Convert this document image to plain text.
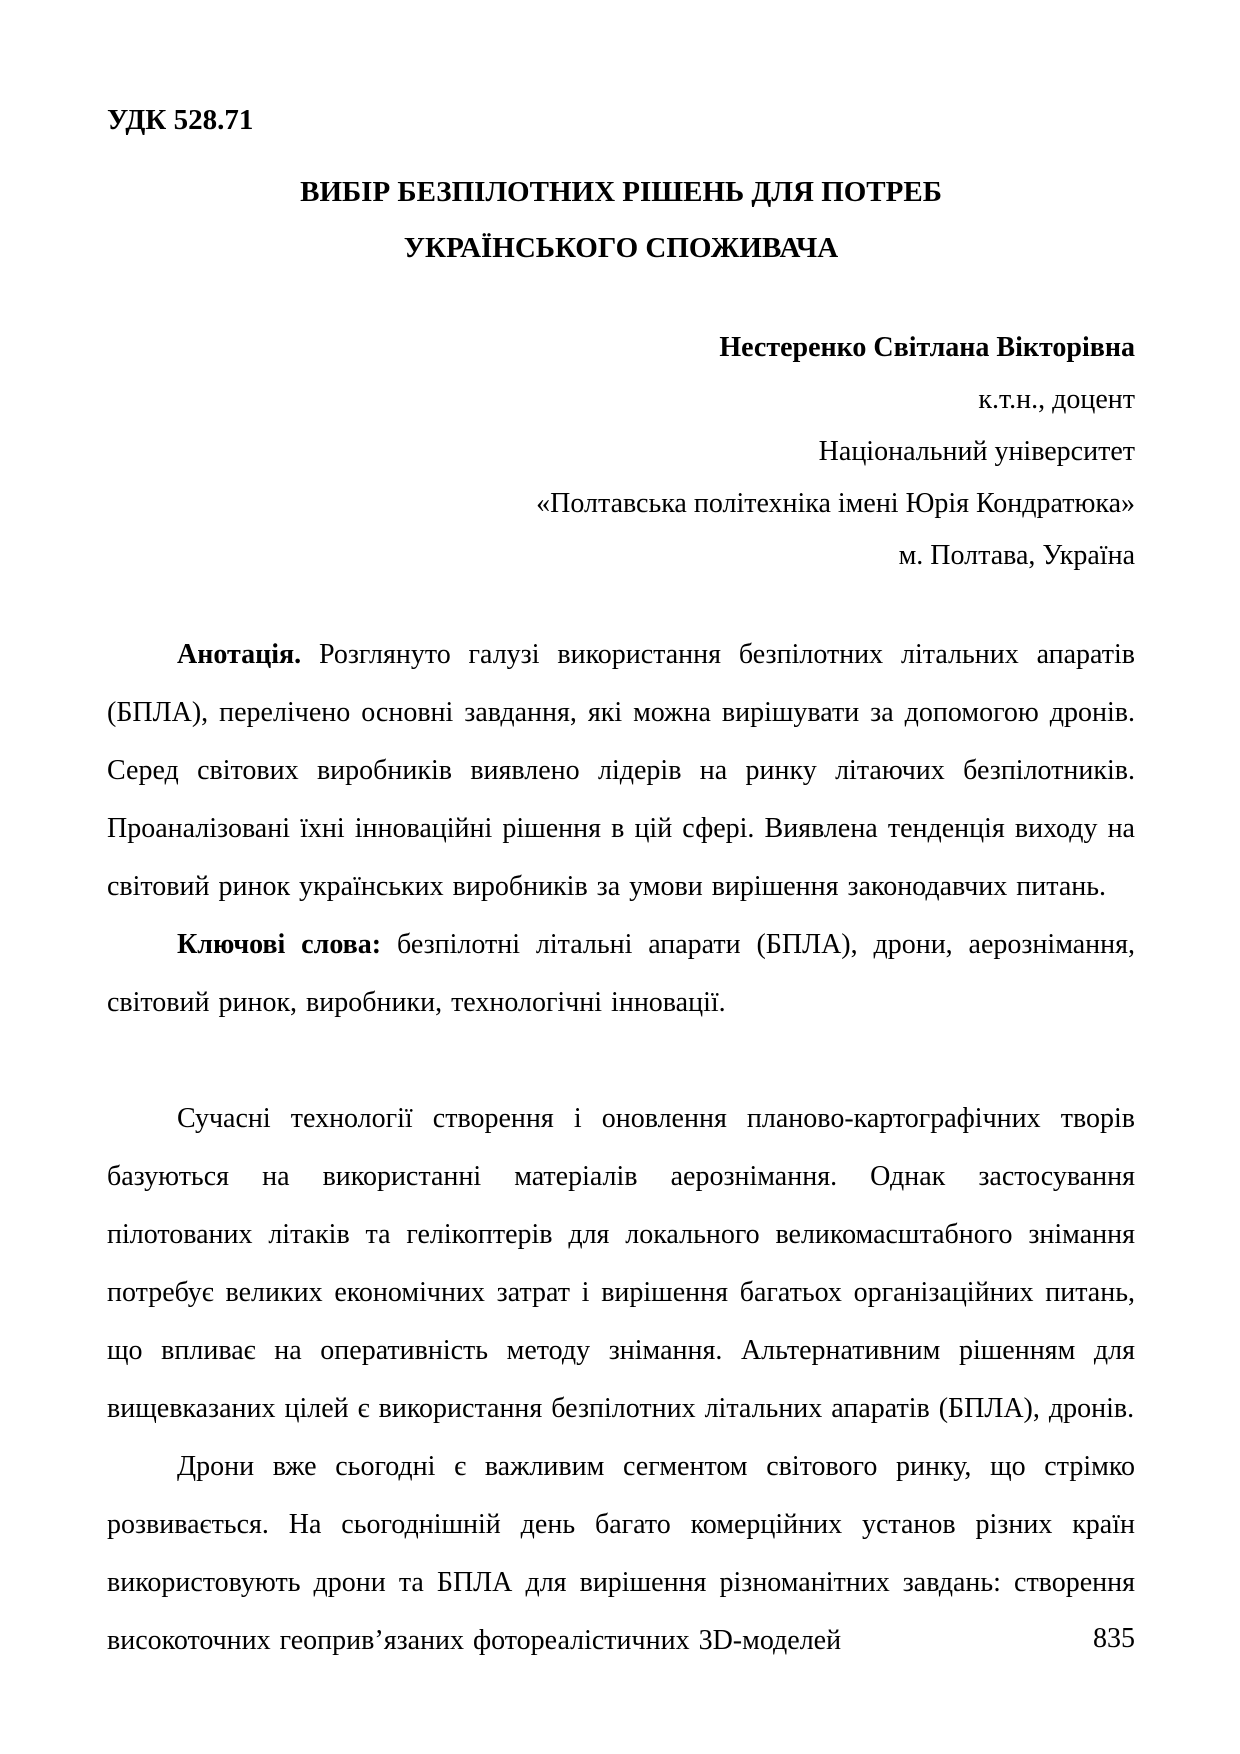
УДК 528.71
ВИБІР БЕЗПІЛОТНИХ РІШЕНЬ ДЛЯ ПОТРЕБ
УКРАЇНСЬКОГО СПОЖИВАЧА
Нестеренко Світлана Вікторівна
к.т.н., доцент
Національний університет
«Полтавська політехніка імені Юрія Кондратюка»
м. Полтава, Україна

Анотація. Розглянуто галузі використання безпілотних літальних апаратів (БПЛА), перелічено основні завдання, які можна вирішувати за допомогою дронів. Серед світових виробників виявлено лідерів на ринку літаючих безпілотників. Проаналізовані їхні інноваційні рішення в цій сфері. Виявлена тенденція виходу на світовий ринок українських виробників за умови вирішення законодавчих питань.

Ключові слова: безпілотні літальні апарати (БПЛА), дрони, аерознімання, світовий ринок, виробники, технологічні інновації.

Сучасні технології створення і оновлення планово-картографічних творів базуються на використанні матеріалів аерознімання. Однак застосування пілотованих літаків та гелікоптерів для локального великомасштабного знімання потребує великих економічних затрат і вирішення багатьох організаційних питань, що впливає на оперативність методу знімання. Альтернативним рішенням для вищевказаних цілей є використання безпілотних літальних апаратів (БПЛА), дронів.

Дрони вже сьогодні є важливим сегментом світового ринку, що стрімко розвивається. На сьогоднішній день багато комерційних установ різних країн використовують дрони та БПЛА для вирішення різноманітних завдань: створення високоточних геоприв’язаних фотореалістичних 3D-моделей	835
